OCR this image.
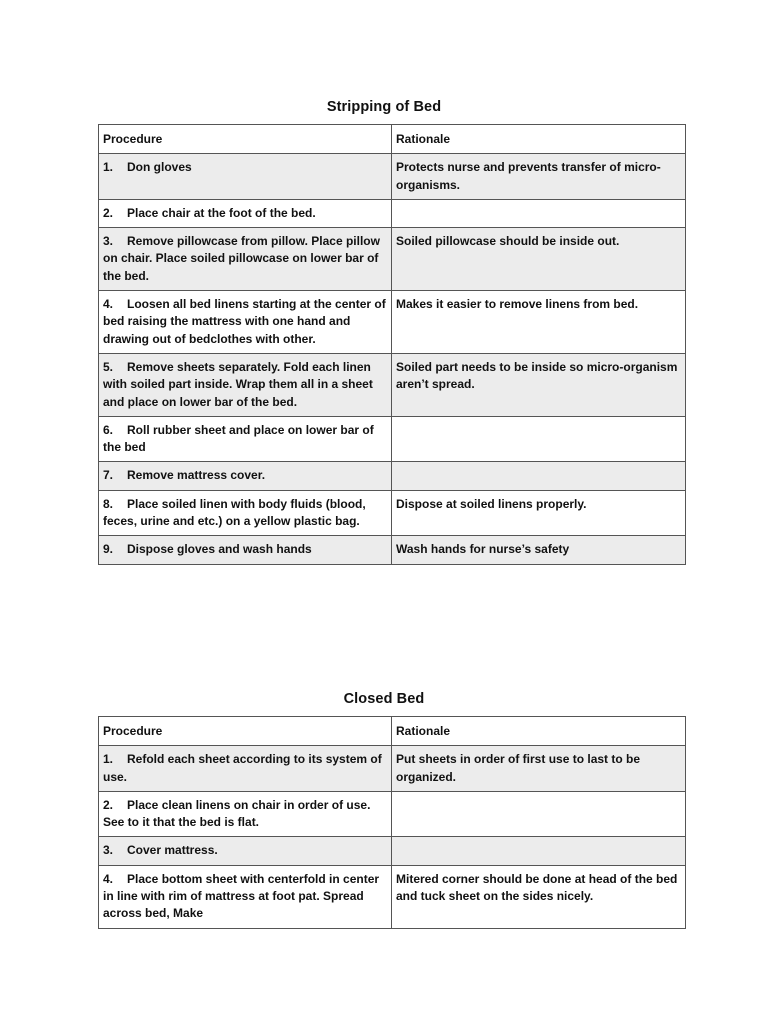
Stripping of Bed
Procedure	Rationale
1. Don gloves	Protects nurse and prevents transfer of micro-organisms.
2. Place chair at the foot of the bed.	
3. Remove pillowcase from pillow. Place pillow on chair. Place soiled pillowcase on lower bar of the bed.	Soiled pillowcase should be inside out.
4. Loosen all bed linens starting at the center of bed raising the mattress with one hand and drawing out of bedclothes with other.	Makes it easier to remove linens from bed.
5. Remove sheets separately. Fold each linen with soiled part inside. Wrap them all in a sheet and place on lower bar of the bed.	Soiled part needs to be inside so micro-organism aren’t spread.
6. Roll rubber sheet and place on lower bar of the bed	
7. Remove mattress cover.	
8. Place soiled linen with body fluids (blood, feces, urine and etc.) on a yellow plastic bag.	Dispose at soiled linens properly.
9. Dispose gloves and wash hands	Wash hands for nurse’s safety
Closed Bed
Procedure	Rationale
1. Refold each sheet according to its system of use.	Put sheets in order of first use to last to be organized.
2. Place clean linens on chair in order of use. See to it that the bed is flat.	
3. Cover mattress.	
4. Place bottom sheet with centerfold in center in line with rim of mattress at foot pat. Spread across bed, Make	Mitered corner should be done at head of the bed and tuck sheet on the sides nicely.
